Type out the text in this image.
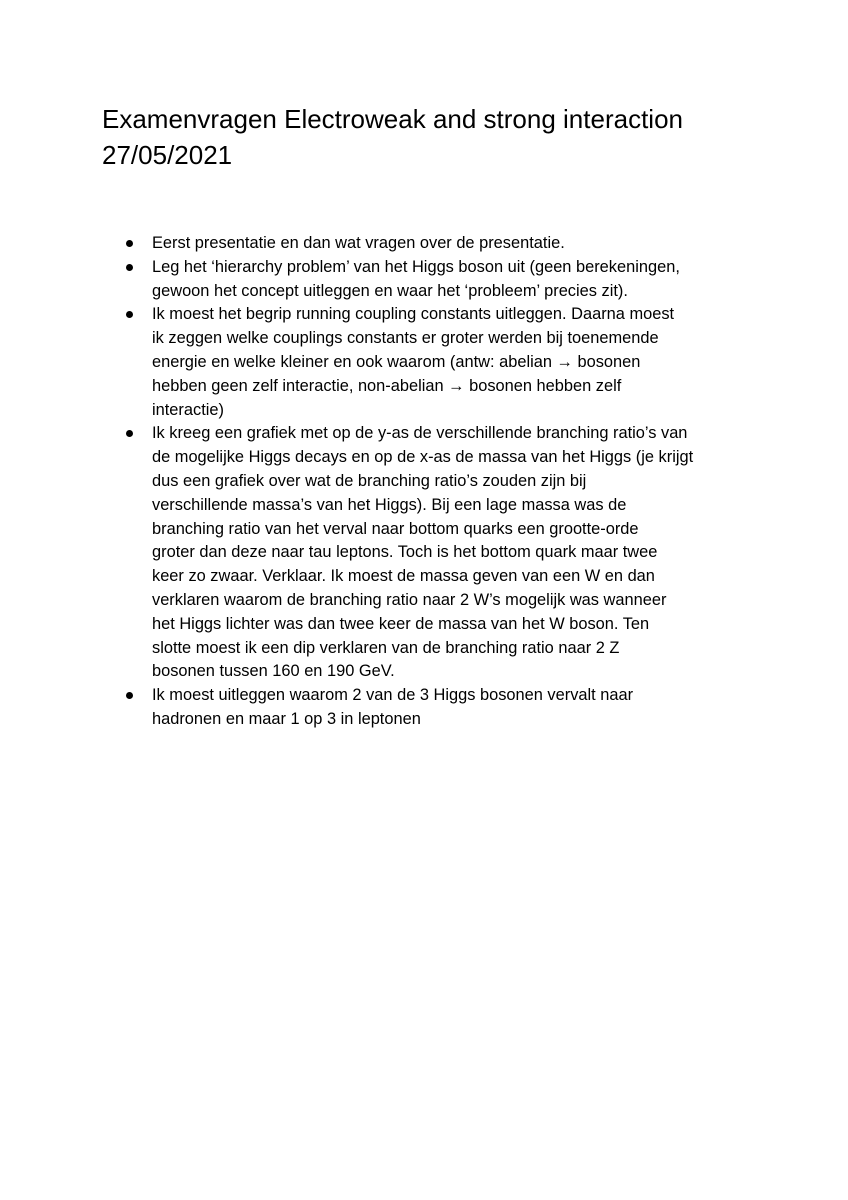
Examenvragen Electroweak and strong interaction
27/05/2021
Eerst presentatie en dan wat vragen over de presentatie.
Leg het ‘hierarchy problem’ van het Higgs boson uit (geen berekeningen,
gewoon het concept uitleggen en waar het ‘probleem’ precies zit).
Ik moest het begrip running coupling constants uitleggen. Daarna moest
ik zeggen welke couplings constants er groter werden bij toenemende
energie en welke kleiner en ook waarom (antw: abelian → bosonen
hebben geen zelf interactie, non-abelian → bosonen hebben zelf
interactie)
Ik kreeg een grafiek met op de y-as de verschillende branching ratio’s van
de mogelijke Higgs decays en op de x-as de massa van het Higgs (je krijgt
dus een grafiek over wat de branching ratio’s zouden zijn bij
verschillende massa’s van het Higgs). Bij een lage massa was de
branching ratio van het verval naar bottom quarks een grootte-orde
groter dan deze naar tau leptons. Toch is het bottom quark maar twee
keer zo zwaar. Verklaar. Ik moest de massa geven van een W en dan
verklaren waarom de branching ratio naar 2 W’s mogelijk was wanneer
het Higgs lichter was dan twee keer de massa van het W boson. Ten
slotte moest ik een dip verklaren van de branching ratio naar 2 Z
bosonen tussen 160 en 190 GeV.
Ik moest uitleggen waarom 2 van de 3 Higgs bosonen vervalt naar
hadronen en maar 1 op 3 in leptonen
